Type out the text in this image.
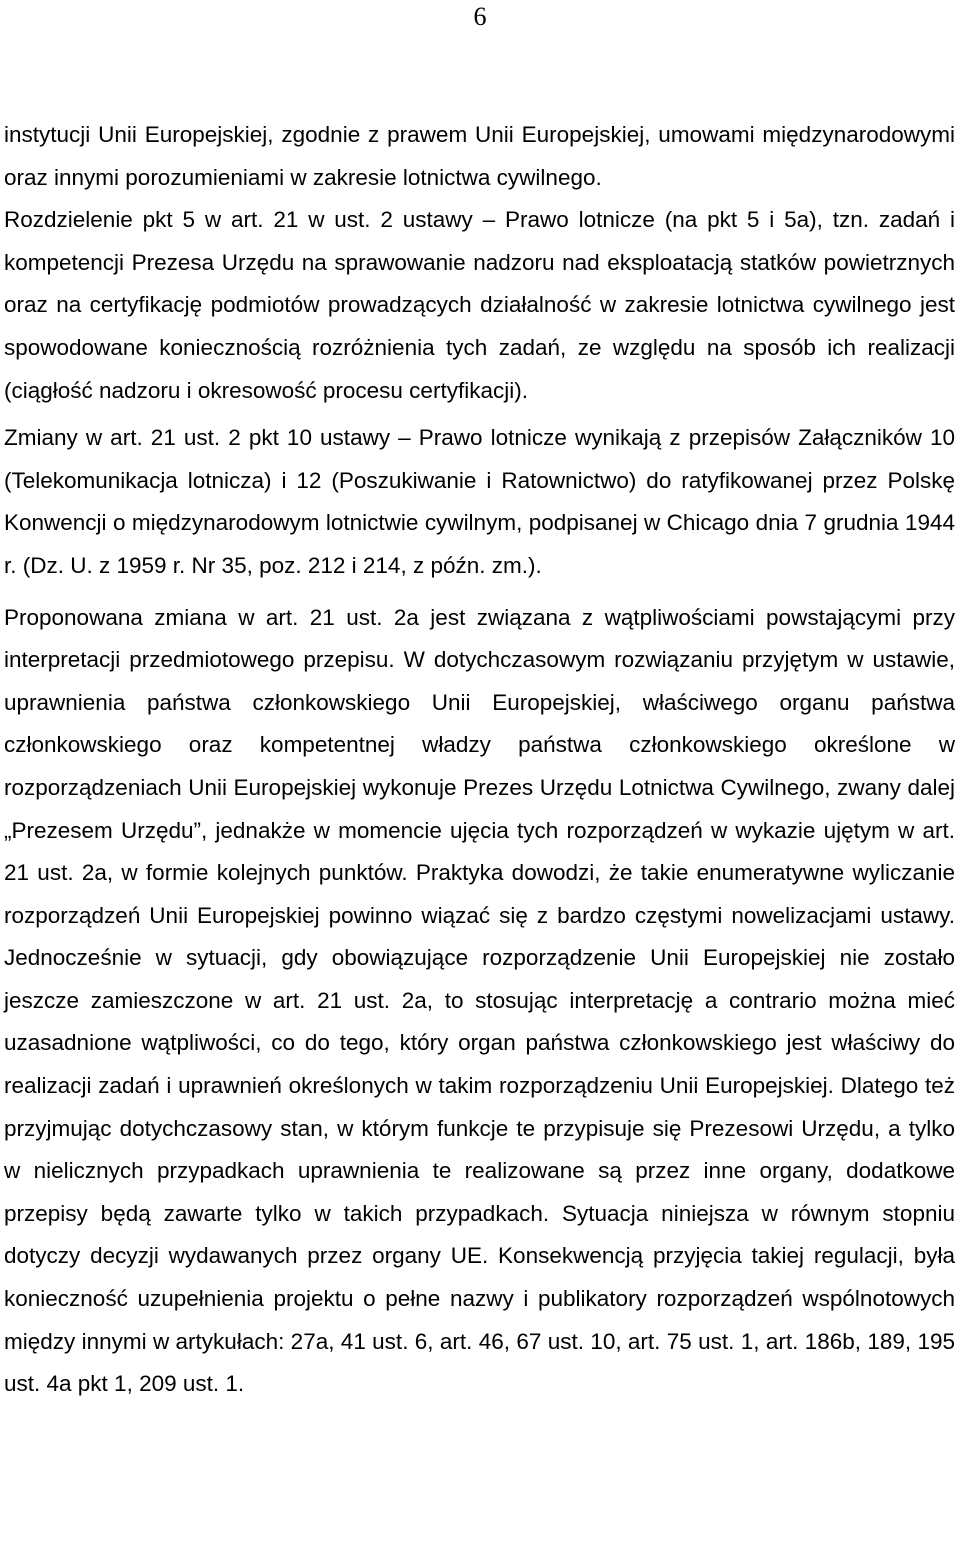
6

instytucji Unii Europejskiej, zgodnie z prawem Unii Europejskiej, umowami międzynarodowymi oraz innymi porozumieniami w zakresie lotnictwa cywilnego.

Rozdzielenie pkt 5 w art. 21 w ust. 2 ustawy – Prawo lotnicze (na pkt 5 i 5a), tzn. zadań i kompetencji Prezesa Urzędu na sprawowanie nadzoru nad eksploatacją statków powietrznych oraz na certyfikację podmiotów prowadzących działalność w zakresie lotnictwa cywilnego jest spowodowane koniecznością rozróżnienia tych zadań, ze względu na sposób ich realizacji (ciągłość nadzoru i okresowość procesu certyfikacji).

Zmiany w art. 21 ust. 2 pkt 10 ustawy – Prawo lotnicze wynikają z przepisów Załączników 10 (Telekomunikacja lotnicza) i 12 (Poszukiwanie i Ratownictwo) do ratyfikowanej przez Polskę Konwencji o międzynarodowym lotnictwie cywilnym, podpisanej w Chicago dnia 7 grudnia 1944 r. (Dz. U. z 1959 r. Nr 35, poz. 212 i 214, z późn. zm.).

Proponowana zmiana w art. 21 ust. 2a jest związana z wątpliwościami powstającymi przy interpretacji przedmiotowego przepisu. W dotychczasowym rozwiązaniu przyjętym w ustawie, uprawnienia państwa członkowskiego Unii Europejskiej, właściwego organu państwa członkowskiego oraz kompetentnej władzy państwa członkowskiego określone w rozporządzeniach Unii Europejskiej wykonuje Prezes Urzędu Lotnictwa Cywilnego, zwany dalej „Prezesem Urzędu”, jednakże w momencie ujęcia tych rozporządzeń w wykazie ujętym w art. 21 ust. 2a, w formie kolejnych punktów. Praktyka dowodzi, że takie enumeratywne wyliczanie rozporządzeń Unii Europejskiej powinno wiązać się z bardzo częstymi nowelizacjami ustawy. Jednocześnie w sytuacji, gdy obowiązujące rozporządzenie Unii Europejskiej nie zostało jeszcze zamieszczone w art. 21 ust. 2a, to stosując interpretację a contrario można mieć uzasadnione wątpliwości, co do tego, który organ państwa członkowskiego jest właściwy do realizacji zadań i uprawnień określonych w takim rozporządzeniu Unii Europejskiej. Dlatego też przyjmując dotychczasowy stan, w którym funkcje te przypisuje się Prezesowi Urzędu, a tylko w nielicznych przypadkach uprawnienia te realizowane są przez inne organy, dodatkowe przepisy będą zawarte tylko w takich przypadkach. Sytuacja niniejsza w równym stopniu dotyczy decyzji wydawanych przez organy UE. Konsekwencją przyjęcia takiej regulacji, była konieczność uzupełnienia projektu o pełne nazwy i publikatory rozporządzeń wspólnotowych między innymi w artykułach: 27a, 41 ust. 6, art. 46, 67 ust. 10, art. 75 ust. 1, art. 186b, 189, 195 ust. 4a pkt 1, 209 ust. 1.
